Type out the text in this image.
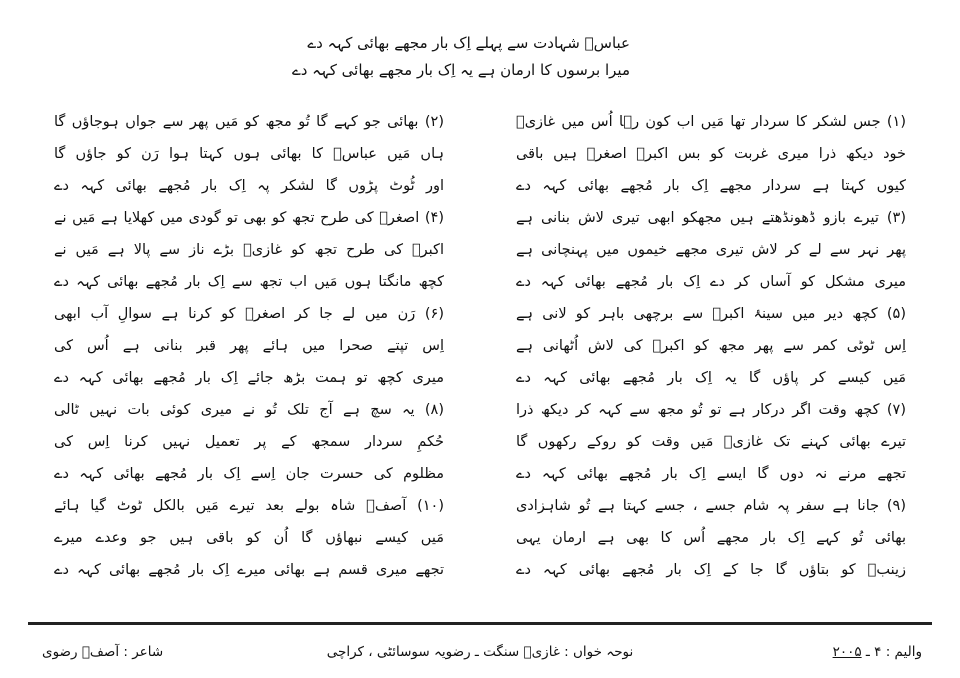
عباسؑ شہادت سے پہلے اِک بار مجھے بھائی کہہ دے
میرا برسوں کا ارمان ہے یہ اِک بار مجھے بھائی کہہ دے
(۱) جس لشکر کا سردار تھا مَیں اب کون رہا اُس میں غازیؑ
خود دیکھ ذرا میری غربت کو بس اکبرؑ اصغرؑ ہیں باقی
کیوں کہتا ہے سردار مجھے اِک بار مُجھے بھائی کہہ دے
(۳) تیرے بازو ڈھونڈھتے ہیں مجھکو ابھی تیری لاش بنانی ہے
پھر نہر سے لے کر لاش تیری مجھے خیموں میں پہنچانی ہے
میری مشکل کو آساں کر دے اِک بار مُجھے بھائی کہہ دے
(۵) کچھ دیر میں سینۂ اکبرؑ سے برچھی باہر کو لانی ہے
اِس ٹوٹی کمر سے پھر مجھ کو اکبرؑ کی لاش اُٹھانی ہے
مَیں کیسے کر پاؤں گا یہ اِک بار مُجھے بھائی کہہ دے
(۷) کچھ وقت اگر درکار ہے تو تُو مجھ سے کہہ کر دیکھ ذرا
تیرے بھائی کہنے تک غازیؑ مَیں وقت کو روکے رکھوں گا
تجھے مرنے نہ دوں گا ایسے اِک بار مُجھے بھائی کہہ دے
(۹) جانا ہے سفر پہ شام جسے ، جسے کہتا ہے تُو شاہزادی
بھائی تُو کہے اِک بار مجھے اُس کا بھی ہے ارمان یہی
زینبؑ کو بتاؤں گا جا کے اِک بار مُجھے بھائی کہہ دے
(۲) بھائی جو کہے گا تُو مجھ کو مَیں پھر سے جواں ہوجاؤں گا
ہاں مَیں عباسؑ کا بھائی ہوں کہتا ہوا رَن کو جاؤں گا
اور ٹُوٹ پڑوں گا لشکر پہ اِک بار مُجھے بھائی کہہ دے
(۴) اصغرؑ کی طرح تجھ کو بھی تو گودی میں کھلایا ہے مَیں نے
اکبرؑ کی طرح تجھ کو غازیؑ بڑے ناز سے پالا ہے مَیں نے
کچھ مانگتا ہوں مَیں اب تجھ سے اِک بار مُجھے بھائی کہہ دے
(۶) رَن میں لے جا کر اصغرؑ کو کرنا ہے سوالِ آب ابھی
اِس تپتے صحرا میں ہائے پھر قبر بنانی ہے اُس کی
میری کچھ تو ہمت بڑھ جائے اِک بار مُجھے بھائی کہہ دے
(۸) یہ سچ ہے آج تلک تُو نے میری کوئی بات نہیں ٹالی
حُکمِ سردار سمجھ کے پر تعمیل نہیں کرنا اِس کی
مظلوم کی حسرت جان اِسے اِک بار مُجھے بھائی کہہ دے
(۱۰) آصفؔ شاہ بولے بعد تیرے مَیں بالکل ٹوٹ گیا ہائے
مَیں کیسے نبھاؤں گا اُن کو باقی ہیں جو وعدے میرے
تجھے میری قسم ہے بھائی میرے اِک بار مُجھے بھائی کہہ دے
والیم : ۴ ـ ۲۰۰۵
نوحہ خواں : غازیؑ سنگت ـ رضویہ سوسائٹی ، کراچی
شاعر : آصفؔ رضوی
